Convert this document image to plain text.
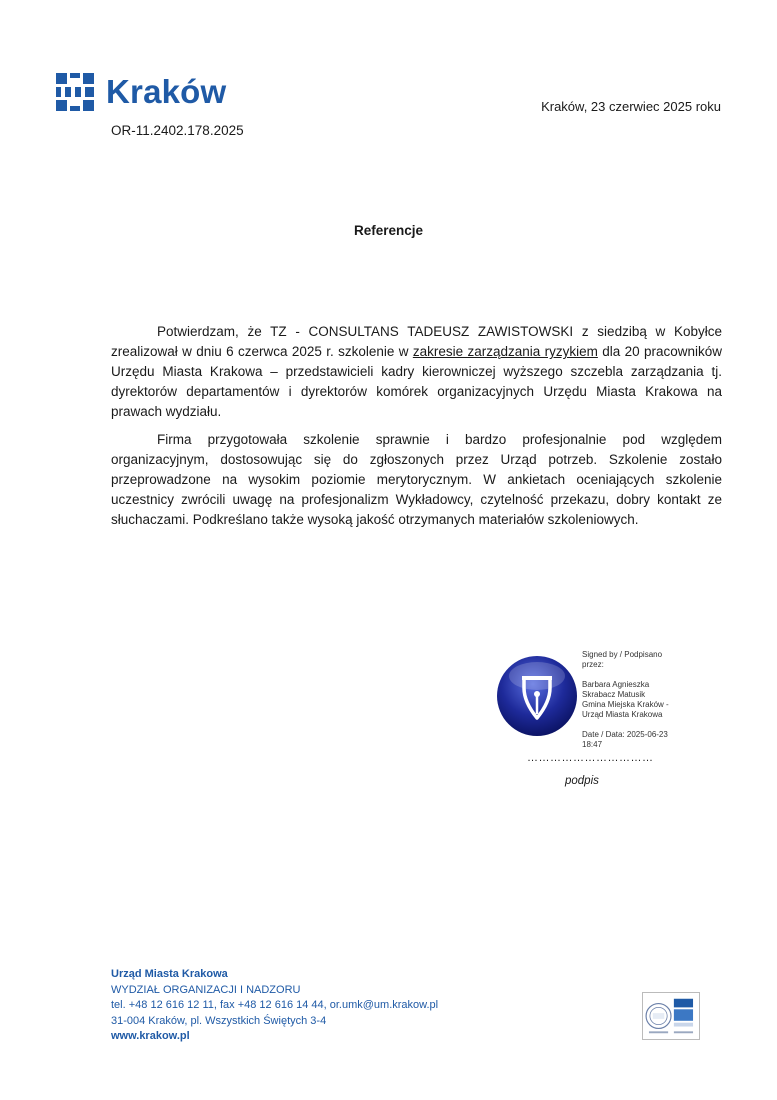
Kraków	Kraków, 23 czerwiec 2025 roku
OR-11.2402.178.2025
Referencje

Potwierdzam, że TZ - CONSULTANS TADEUSZ ZAWISTOWSKI z siedzibą w Kobyłce zrealizował w dniu 6 czerwca 2025 r. szkolenie w zakresie zarządzania ryzykiem dla 20 pracowników Urzędu Miasta Krakowa – przedstawicieli kadry kierowniczej wyższego szczebla zarządzania tj. dyrektorów departamentów i dyrektorów komórek organizacyjnych Urzędu Miasta Krakowa na prawach wydziału.

Firma przygotowała szkolenie sprawnie i bardzo profesjonalnie pod względem organizacyjnym, dostosowując się do zgłoszonych przez Urząd potrzeb. Szkolenie zostało przeprowadzone na wysokim poziomie merytorycznym. W ankietach oceniających szkolenie uczestnicy zwrócili uwagę na profesjonalizm Wykładowcy, czytelność przekazu, dobry kontakt ze słuchaczami. Podkreślano także wysoką jakość otrzymanych materiałów szkoleniowych.

Signed by / Podpisano
przez:
Barbara Agnieszka
Skrabacz Matusik
Gmina Miejska Kraków -
Urząd Miasta Krakowa
Date / Data: 2025-06-23
18:47
……………………………
podpis
Urząd Miasta Krakowa
WYDZIAŁ ORGANIZACJI I NADZORU
tel. +48 12 616 12 11, fax +48 12 616 14 44, or.umk@um.krakow.pl
31-004 Kraków, pl. Wszystkich Świętych 3-4
www.krakow.pl
